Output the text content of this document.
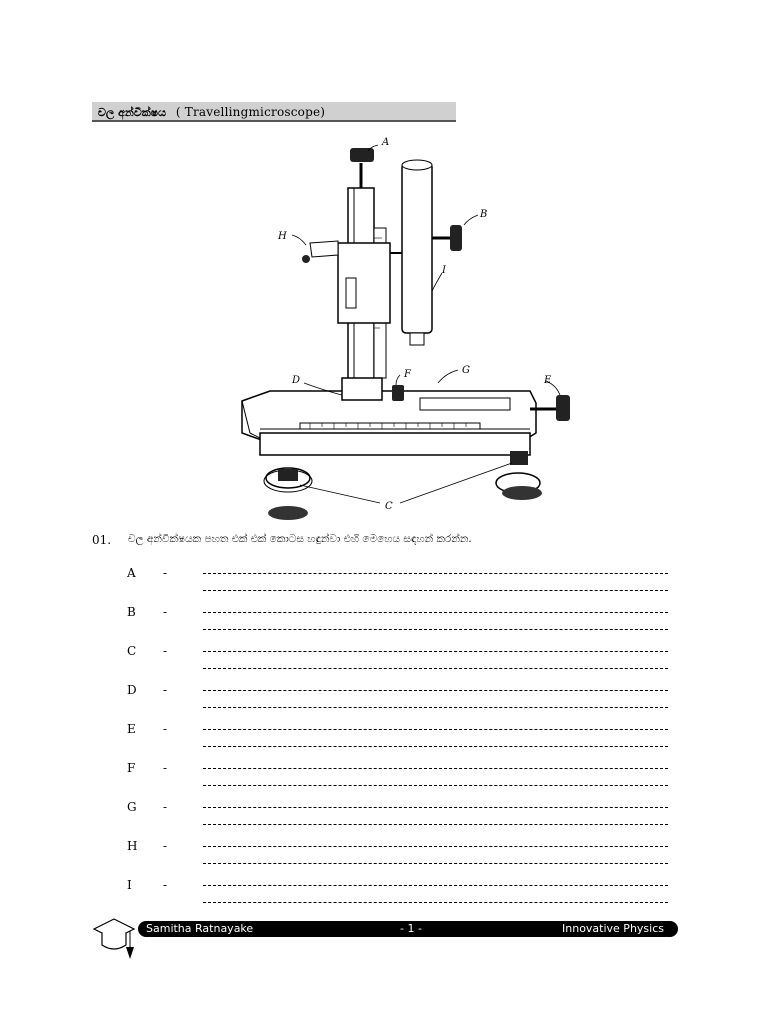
චල අන්වීක්ෂය ( Travellingmicroscope)
A
B
C
D	E
F	G
H
I
01. චල අන්වීක්ෂයක පහත එක් එක් කොටස හඳුන්වා එහි මෙහෙය සඳහන් කරන්න.
A -
B -
C -
D -
E -
F -
G -
H -
I	-
Samitha Ratnayake	- 1 -	Innovative Physics
